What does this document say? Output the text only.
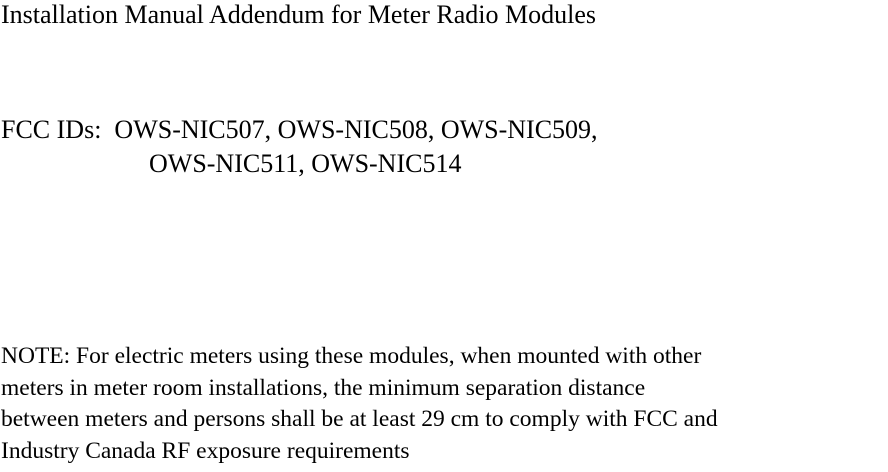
Installation Manual Addendum for Meter Radio Modules
FCC IDs:  OWS-NIC507, OWS-NIC508, OWS-NIC509,
OWS-NIC511, OWS-NIC514
NOTE: For electric meters using these modules, when mounted with other
meters in meter room installations, the minimum separation distance
between meters and persons shall be at least 29 cm to comply with FCC and
Industry Canada RF exposure requirements
